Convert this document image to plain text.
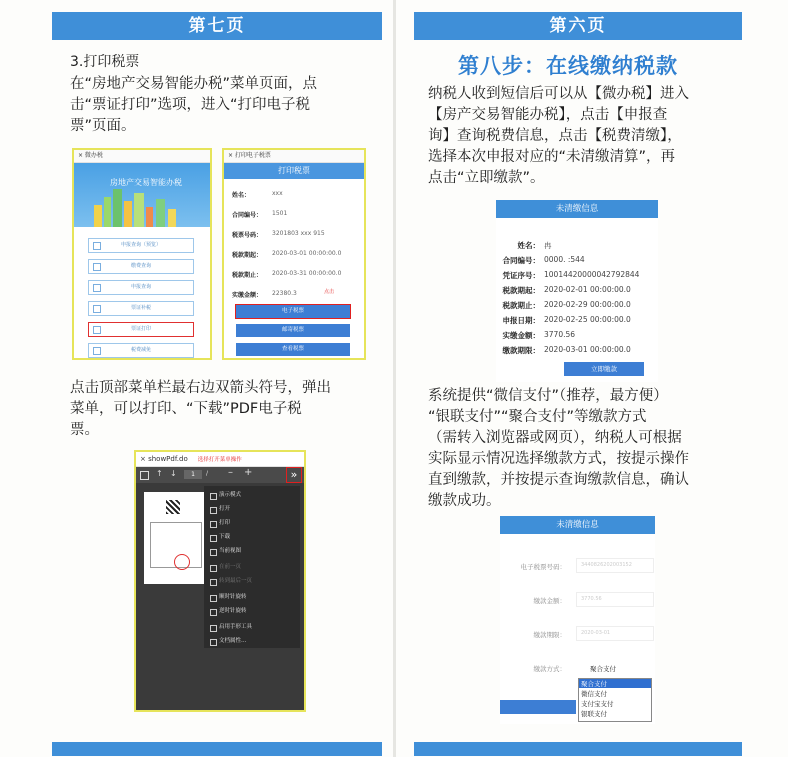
第七页
3.打印税票
在“房地产交易智能办税”菜单页面，点
击“票证打印”选项，进入“打印电子税
票”页面。
× 微办税
房地产交易智能办税
申报查询（预览）
缴费查询
申报查询
票证补税
票证打印
税费减免
× 打印电子税票
打印税票
姓名：	xxx
合同编号： 1501
税票号码： 3201803 xxx 915
税款期起： 2020-03-01 00:00:00.0
税款期止： 2020-03-31 00:00:00.0
实缴金额： 22380.3	点击
电子税票
邮寄税票
查看税票
点击顶部菜单栏最右边双箭头符号，弹出
菜单，可以打印、“下载”PDF电子税
票。
× showPdf.do 选择打开菜单操作
↑ ↓	1	/ – +	»
演示模式
打开
打印
下载
当前视图
在前一页
转到最后一页
顺时针旋转
逆时针旋转
启用手形工具
文档属性…
第六页
第八步：在线缴纳税款
纳税人收到短信后可以从【微办税】进入
【房产交易智能办税】，点击【申报查
询】查询税费信息，点击【税费清缴】，
选择本次申报对应的“未清缴清算”，再
点击“立即缴款”。
未清缴信息
姓名： 冉
合同编号： 0000. :544
凭证序号： 100144200000427928​44
税款期起： 2020-02-01 00:00:00.0
税款期止： 2020-02-29 00:00:00.0
申报日期： 2020-02-25 00:00:00.0
实缴金额： 3770.56
缴款期限： 2020-03-01 00:00:00.0
立即缴款
系统提供“微信支付”（推荐，最方便）
“银联支付”“聚合支付”等缴款方式
（需转入浏览器或网页），纳税人可根据
实际显示情况选择缴款方式，按提示操作
直到缴款，并按提示查询缴款信息，确认
缴款成功。
未清缴信息
电子税票号码：	3440826202003152
缴款金额：	3770.56
缴款期限：	2020-03-01
缴款方式：	聚合支付
聚合支付
微信支付
支付宝支付
银联支付
